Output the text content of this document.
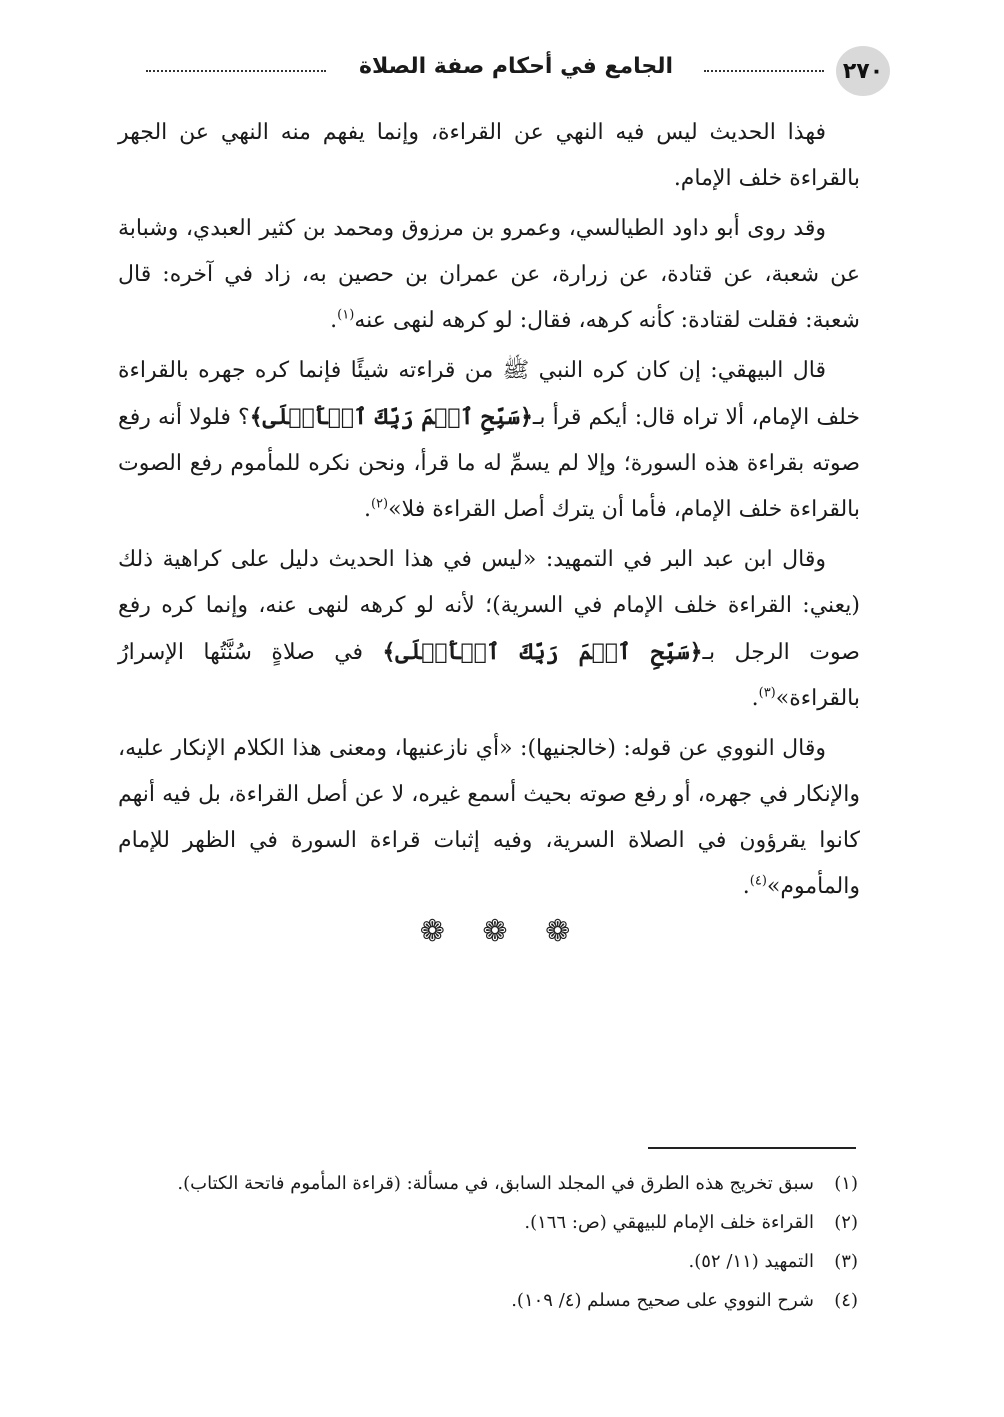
٢٧٠
الجامع في أحكام صفة الصلاة

فهذا الحديث ليس فيه النهي عن القراءة، وإنما يفهم منه النهي عن الجهر بالقراءة خلف الإمام.

وقد روى أبو داود الطيالسي، وعمرو بن مرزوق ومحمد بن كثير العبدي، وشبابة عن شعبة، عن قتادة، عن زرارة، عن عمران بن حصين به، زاد في آخره: قال شعبة: فقلت لقتادة: كأنه كرهه، فقال: لو كرهه لنهى عنه$^{(١)}$.

قال البيهقي: إن كان كره النبي ﷺ من قراءته شيئًا فإنما كره جهره بالقراءة خلف الإمام، ألا تراه قال: أيكم قرأ بـ﴿سَبِّحِ ٱسۡمَ رَبِّكَ ٱلۡأَعۡلَى﴾؟ فلولا أنه رفع صوته بقراءة هذه السورة؛ وإلا لم يسمِّ له ما قرأ، ونحن نكره للمأموم رفع الصوت بالقراءة خلف الإمام، فأما أن يترك أصل القراءة فلا»$^{(٢)}$.

وقال ابن عبد البر في التمهيد: «ليس في هذا الحديث دليل على كراهية ذلك (يعني: القراءة خلف الإمام في السرية)؛ لأنه لو كرهه لنهى عنه، وإنما كره رفع صوت الرجل بـ﴿سَبِّحِ ٱسۡمَ رَبِّكَ ٱلۡأَعۡلَى﴾ في صلاةٍ سُنَّتُها الإسرارُ بالقراءة»$^{(٣)}$.

وقال النووي عن قوله: (خالجنيها): «أي نازعنيها، ومعنى هذا الكلام الإنكار عليه، والإنكار في جهره، أو رفع صوته بحيث أسمع غيره، لا عن أصل القراءة، بل فيه أنهم كانوا يقرؤون في الصلاة السرية، وفيه إثبات قراءة السورة في الظهر للإمام والمأموم»$^{(٤)}$.

❁ ❁ ❁
(١)
سبق تخريج هذه الطرق في المجلد السابق، في مسألة: (قراءة المأموم فاتحة الكتاب).
(٢)
القراءة خلف الإمام للبيهقي (ص: ١٦٦).
(٣)
التمهيد (١١/ ٥٢).
(٤)
شرح النووي على صحيح مسلم (٤/ ١٠٩).
